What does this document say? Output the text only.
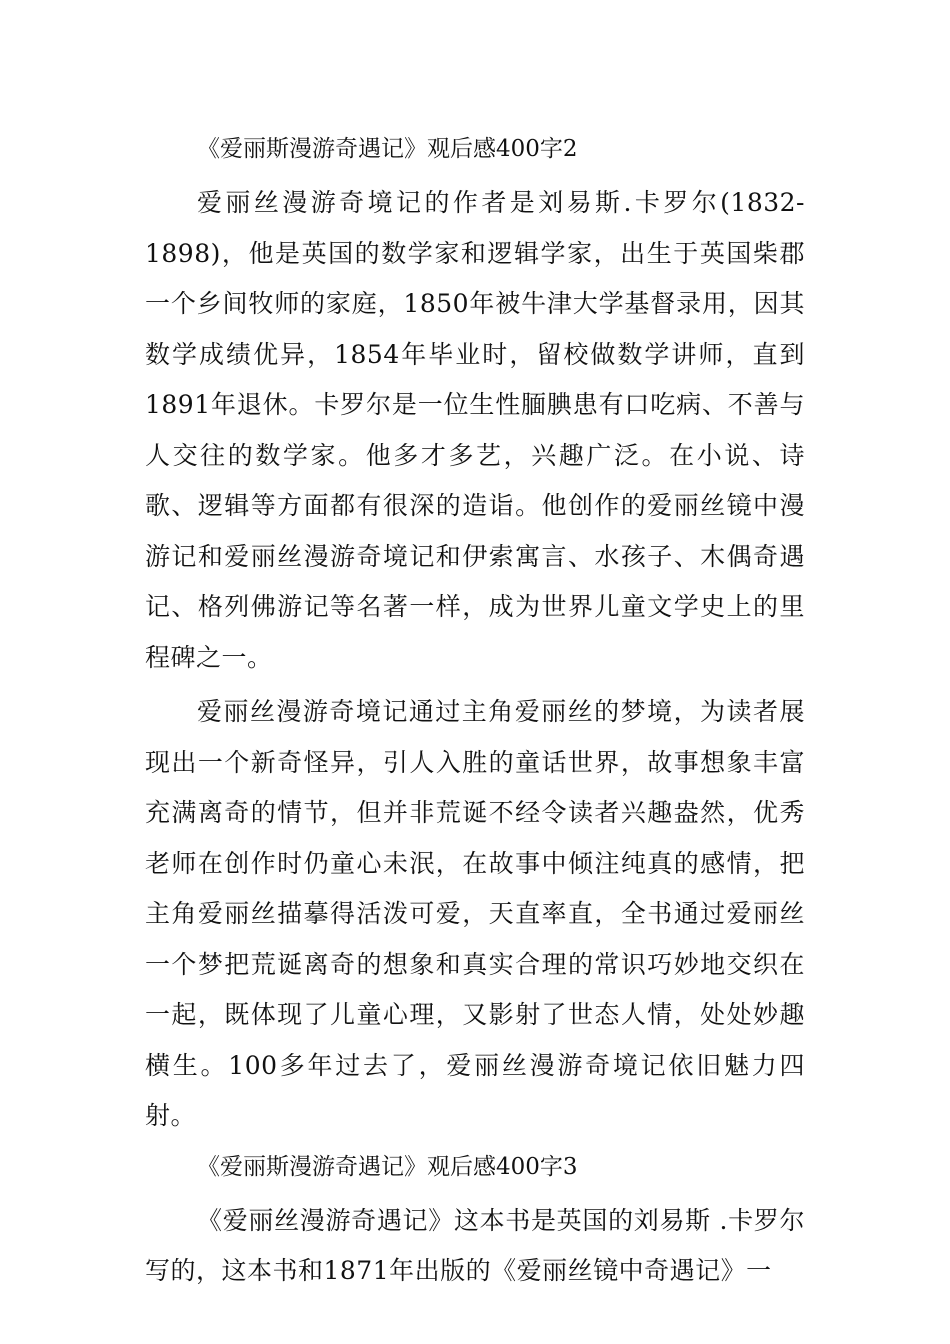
《爱丽斯漫游奇遇记》观后感400字2

爱丽丝漫游奇境记的作者是刘易斯.卡罗尔(1832-1898)，他是英国的数学家和逻辑学家，出生于英国柴郡一个乡间牧师的家庭，1850年被牛津大学基督录用，因其数学成绩优异，1854年毕业时，留校做数学讲师，直到1891年退休。卡罗尔是一位生性腼腆患有口吃病、不善与人交往的数学家。他多才多艺，兴趣广泛。在小说、诗歌、逻辑等方面都有很深的造诣。他创作的爱丽丝镜中漫游记和爱丽丝漫游奇境记和伊索寓言、水孩子、木偶奇遇记、格列佛游记等名著一样，成为世界儿童文学史上的里程碑之一。

爱丽丝漫游奇境记通过主角爱丽丝的梦境，为读者展现出一个新奇怪异，引人入胜的童话世界，故事想象丰富充满离奇的情节，但并非荒诞不经令读者兴趣盎然，优秀老师在创作时仍童心未泯，在故事中倾注纯真的感情，把主角爱丽丝描摹得活泼可爱，天直率直，全书通过爱丽丝一个梦把荒诞离奇的想象和真实合理的常识巧妙地交织在一起，既体现了儿童心理，又影射了世态人情，处处妙趣横生。100多年过去了，爱丽丝漫游奇境记依旧魅力四射。

《爱丽斯漫游奇遇记》观后感400字3

《爱丽丝漫游奇遇记》这本书是英国的刘易斯 .卡罗尔写的，这本书和1871年出版的《爱丽丝镜中奇遇记》一
